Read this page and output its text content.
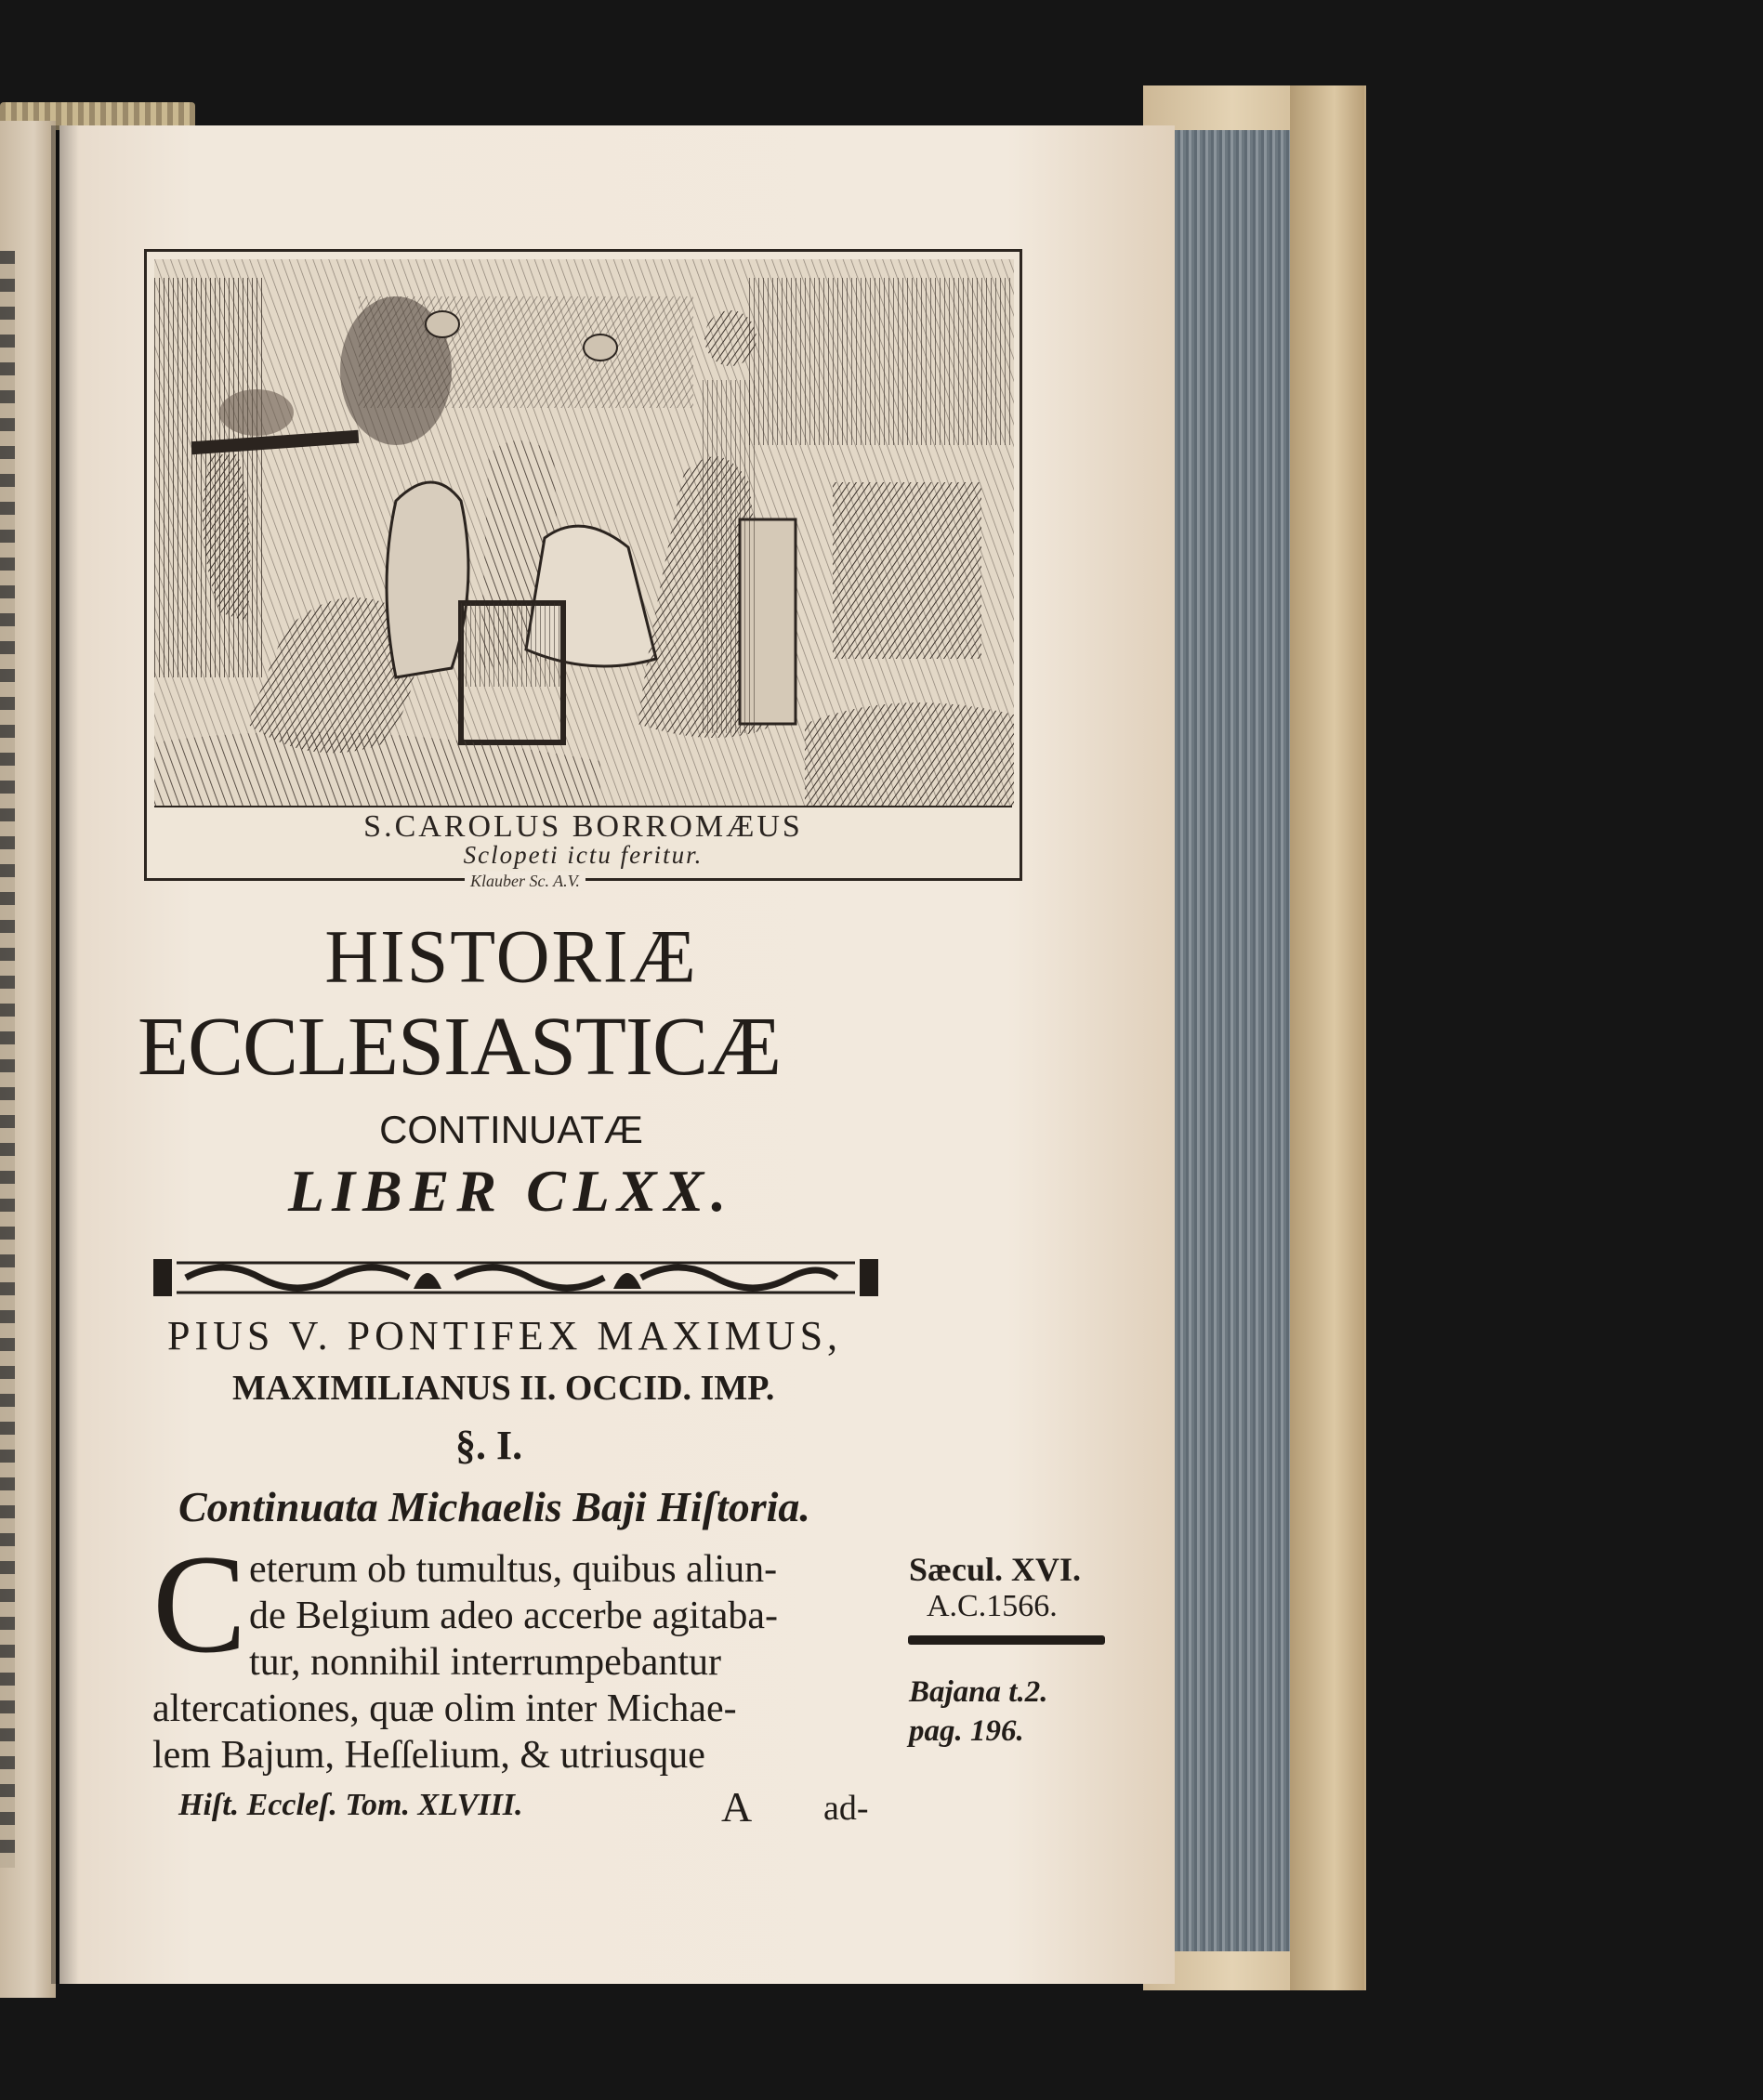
S.CAROLUS BORROMÆUS
Sclopeti ictu feritur.
Klauber Sc. A.V.
HISTORIÆ
ECCLESIASTICÆ
CONTINUATÆ
LIBER CLXX.
PIUS V. PONTIFEX MAXIMUS,
MAXIMILIANUS II. OCCID. IMP.
§. I.
Continuata Michaelis Baji Hiſtoria.
C eterum ob tumultus, quibus aliun-
de Belgium adeo accerbe agitaba-
tur, nonnihil interrumpebantur
altercationes, quæ olim inter Michae-
lem Bajum, Heſſelium, & utriusque
Hiſt. Eccleſ. Tom. XLVIII.	A ad-
Sæcul. XVI.
A.C.1566.
Bajana t.2.
pag. 196.
